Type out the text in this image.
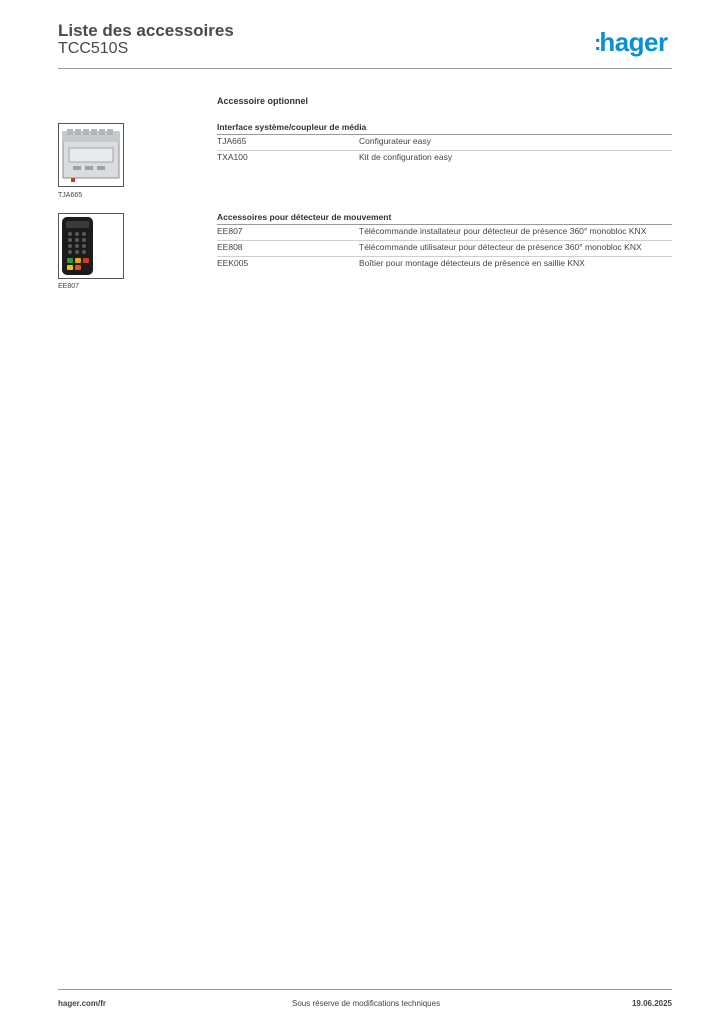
Liste des accessoires
TCC510S	:hager
TJA665
EE807
Accessoire optionnel
Interface système/coupleur de média
TJA665	Configurateur easy
TXA100	Kit de configuration easy
Accessoires pour détecteur de mouvement
EE807	Télécommande installateur pour détecteur de présence 360° monobloc KNX
EE808	Télécommande utilisateur pour détecteur de présence 360° monobloc KNX
EEK005	Boîtier pour montage détecteurs de présence en saillie KNX
hager.com/fr	Sous réserve de modifications techniques	19.06.2025
